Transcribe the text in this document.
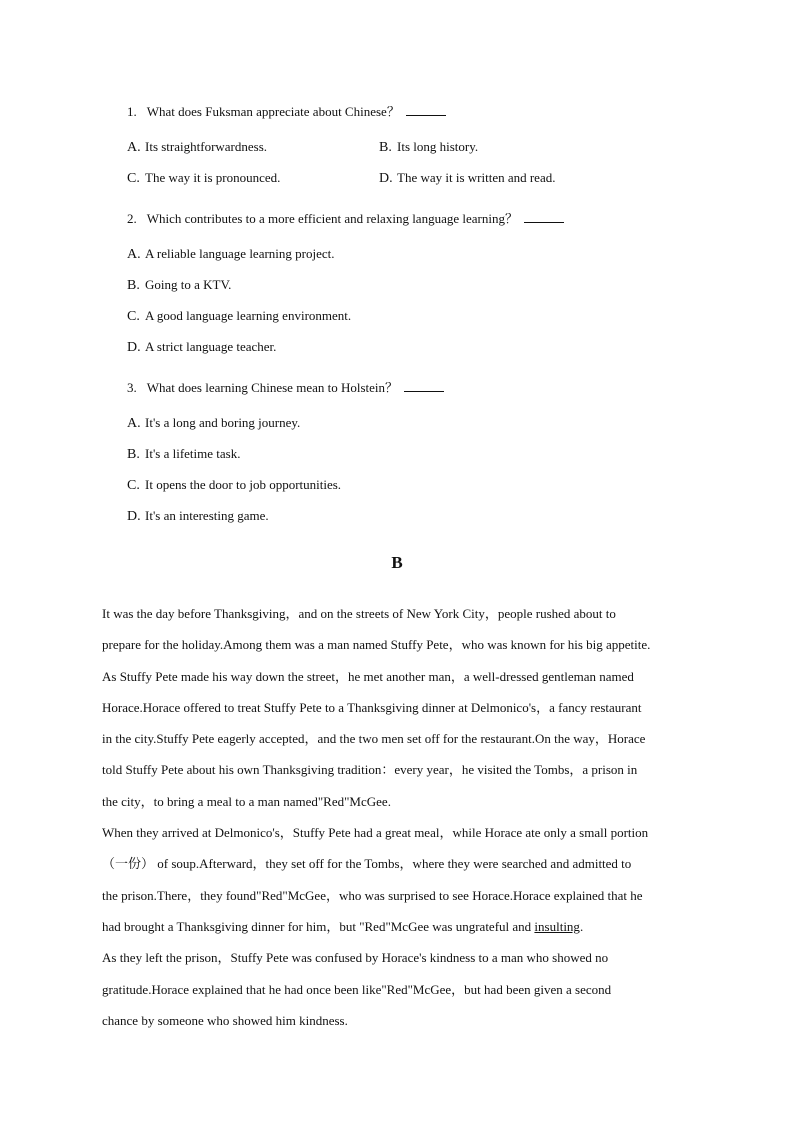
1. What does Fuksman appreciate about Chinese？
A. Its straightforwardness.	B. Its long history.
C. The way it is pronounced.	D. The way it is written and read.
2. Which contributes to a more efficient and relaxing language learning？
A. A reliable language learning project.
B. Going to a KTV.
C. A good language learning environment.
D. A strict language teacher.
3. What does learning Chinese mean to Holstein？
A. It's a long and boring journey.
B. It's a lifetime task.
C. It opens the door to job opportunities.
D. It's an interesting game.
B
It was the day before Thanksgiving，and on the streets of New York City，people rushed about to
prepare for the holiday.Among them was a man named Stuffy Pete，who was known for his big appetite.
As Stuffy Pete made his way down the street，he met another man，a well-dressed gentleman named
Horace.Horace offered to treat Stuffy Pete to a Thanksgiving dinner at Delmonico's，a fancy restaurant
in the city.Stuffy Pete eagerly accepted，and the two men set off for the restaurant.On the way，Horace
told Stuffy Pete about his own Thanksgiving tradition：every year，he visited the Tombs，a prison in
the city，to bring a meal to a man named"Red"McGee.
When they arrived at Delmonico's，Stuffy Pete had a great meal，while Horace ate only a small portion
（一份） of soup.Afterward，they set off for the Tombs，where they were searched and admitted to
the prison.There，they found"Red"McGee，who was surprised to see Horace.Horace explained that he
had brought a Thanksgiving dinner for him，but "Red"McGee was ungrateful and insulting.
As they left the prison，Stuffy Pete was confused by Horace's kindness to a man who showed no
gratitude.Horace explained that he had once been like"Red"McGee，but had been given a second
chance by someone who showed him kindness.
